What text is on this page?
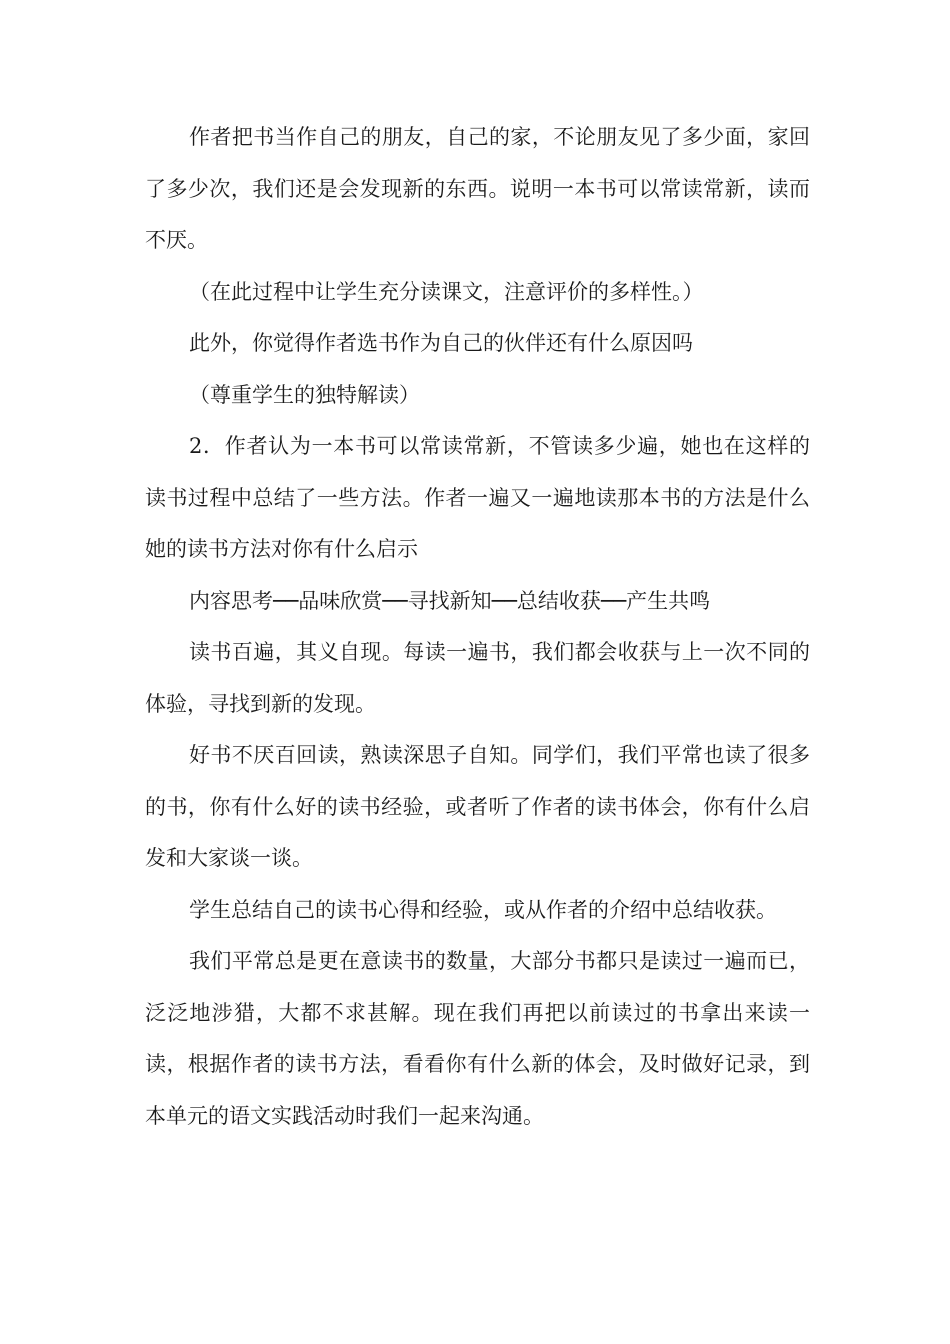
作者把书当作自己的朋友，自己的家，不论朋友见了多少面，家回了多少次，我们还是会发现新的东西。说明一本书可以常读常新，读而不厌。

（在此过程中让学生充分读课文，注意评价的多样性。）

此外，你觉得作者选书作为自己的伙伴还有什么原因吗

（尊重学生的独特解读）

2．作者认为一本书可以常读常新，不管读多少遍，她也在这样的读书过程中总结了一些方法。作者一遍又一遍地读那本书的方法是什么她的读书方法对你有什么启示

内容思考──品味欣赏──寻找新知──总结收获──产生共鸣

读书百遍，其义自现。每读一遍书，我们都会收获与上一次不同的体验，寻找到新的发现。

好书不厌百回读，熟读深思子自知。同学们，我们平常也读了很多的书，你有什么好的读书经验，或者听了作者的读书体会，你有什么启发和大家谈一谈。

学生总结自己的读书心得和经验，或从作者的介绍中总结收获。

我们平常总是更在意读书的数量，大部分书都只是读过一遍而已，泛泛地涉猎，大都不求甚解。现在我们再把以前读过的书拿出来读一读，根据作者的读书方法，看看你有什么新的体会，及时做好记录，到本单元的语文实践活动时我们一起来沟通。
